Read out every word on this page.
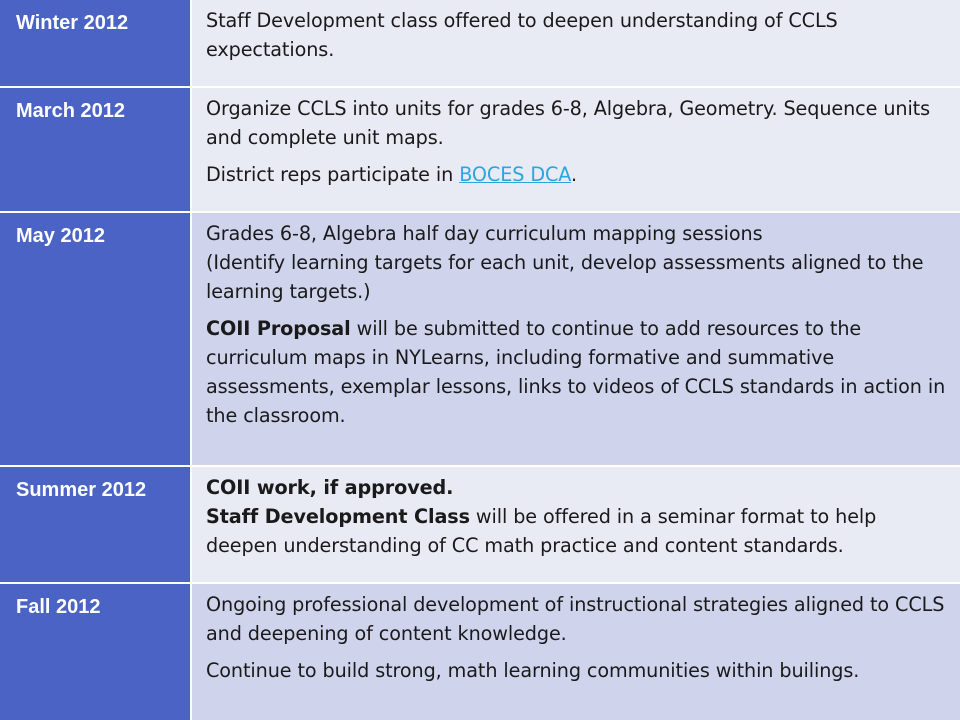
Winter 2012	Staff Development class offered to deepen understanding of CCLS expectations.

March 2012	Organize CCLS into units for grades 6-8, Algebra, Geometry. Sequence units and complete unit maps.

District reps participate in BOCES DCA.

May 2012	Grades 6-8, Algebra half day curriculum mapping sessions

(Identify learning targets for each unit, develop assessments aligned to the learning targets.)

COII Proposal will be submitted to continue to add resources to the curriculum maps in NYLearns, including formative and summative assessments, exemplar lessons, links to videos of CCLS standards in action in the classroom.

Summer 2012	COII work, if approved.

Staff Development Class will be offered in a seminar format to help deepen understanding of CC math practice and content standards.

Fall 2012	Ongoing professional development of instructional strategies aligned to CCLS and deepening of content knowledge.

Continue to build strong, math learning communities within builings.
